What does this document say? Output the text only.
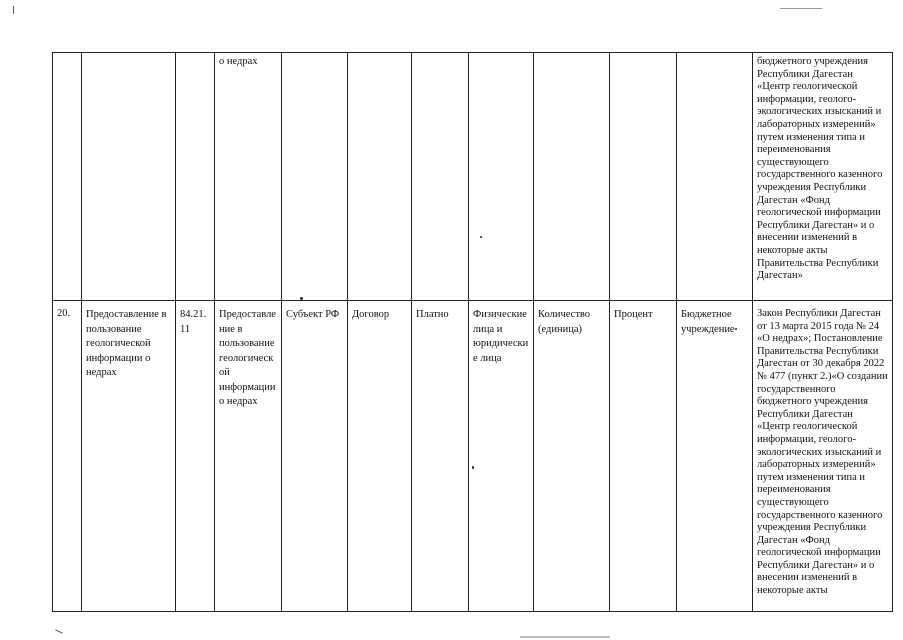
			о недрах								бюджетного учреждения Республики Дагестан «Центр геологической информации, геолого-экологических изысканий и лабораторных измерений» путем изменения типа и переименования существующего государственного казенного учреждения Республики Дагестан «Фонд геологической информации Республики Дагестан» и о внесении изменений в некоторые акты Правительства Республики Дагестан»
20.	Предоставление в пользование геологической информации о недрах	84.21. 11	Предоставле ние в пользование геологическ ой информации о недрах	Субъект РФ	Договор	Платно	Физические лица и юридически е лица	Количество (единица)	Процент	Бюджетное учреждение	Закон Республики Дагестан от 13 марта 2015 года № 24 «О недрах»; Постановление Правительства Республики Дагестан от 30 декабря 2022 № 477 (пункт 2.)«О создании государственного бюджетного учреждения Республики Дагестан «Центр геологической информации, геолого-экологических изысканий и лабораторных измерений» путем изменения типа и переименования существующего государственного казенного учреждения Республики Дагестан «Фонд геологической информации Республики Дагестан» и о внесении изменений в некоторые акты
